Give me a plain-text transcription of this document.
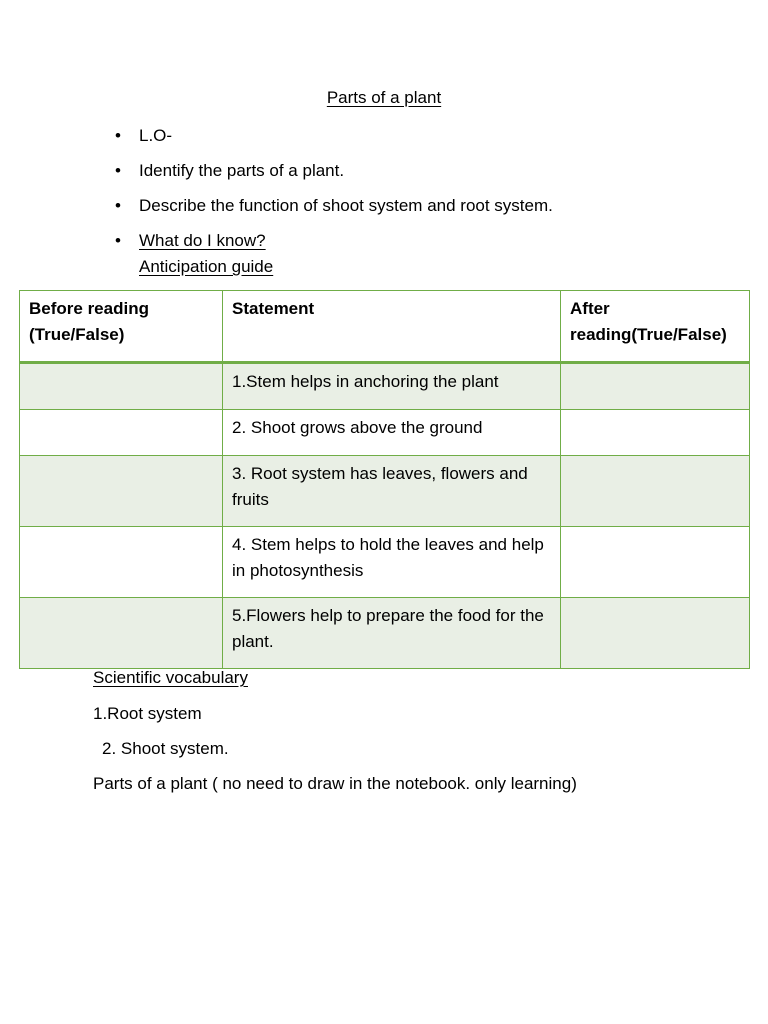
Parts of a plant
• L.O-
• Identify the parts of a plant.
• Describe the function of shoot system and root system.
• What do I know?
Anticipation guide
Before reading (True/False)	Statement	After reading(True/False)
	1.Stem helps in anchoring the plant	
	2. Shoot grows above the ground	
	3. Root system has leaves, flowers and fruits	
	4. Stem helps to hold the leaves and help in photosynthesis	
	5.Flowers help to prepare the food for the plant.	
Scientific vocabulary
1.Root system
2. Shoot system.
Parts of a plant ( no need to draw in the notebook. only learning)
